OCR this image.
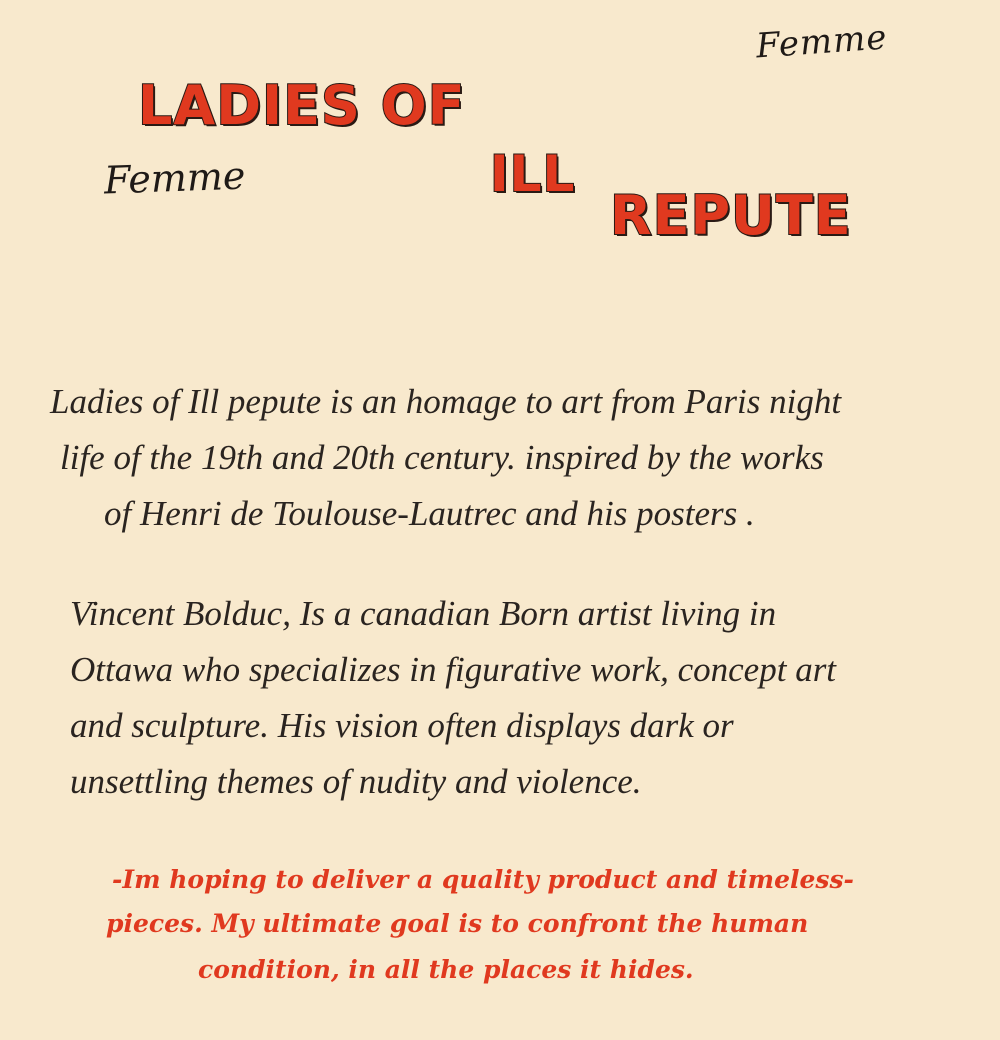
LADIES OF
ILL
REPUTE
Femme
Femme
Ladies of Ill pepute is an homage to art from Paris night
life of the 19th and 20th century. inspired by the works
of Henri de Toulouse-Lautrec and his posters .
Vincent Bolduc, Is a canadian Born artist living in
Ottawa who specializes in figurative work, concept art
and sculpture. His vision often displays dark or
unsettling themes of nudity and violence.
-Im hoping to deliver a quality product and timeless-
pieces. My ultimate goal is to confront the human
condition, in all the places it hides.
